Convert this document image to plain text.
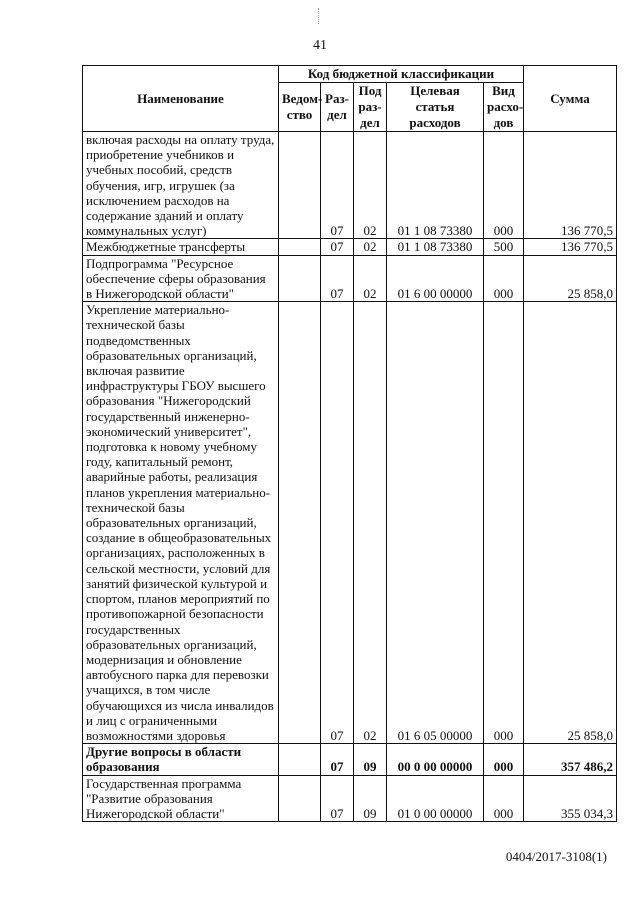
41
Наименование	Код бюджетной классификации					Сумма
	Ведом-ство	Раз-дел	Под раз-дел	Целевая статья расходов	Вид расхо-дов	
включая расходы на оплату труда, приобретение учебников и учебных пособий, средств обучения, игр, игрушек (за исключением расходов на содержание зданий и оплату коммунальных услуг)		07	02	01 1 08 73380	000	136 770,5
Межбюджетные трансферты		07	02	01 1 08 73380	500	136 770,5
Подпрограмма "Ресурсное обеспечение сферы образования в Нижегородской области"		07	02	01 6 00 00000	000	25 858,0
Укрепление материально-технической базы подведомственных образовательных организаций, включая развитие инфраструктуры ГБОУ высшего образования "Нижегородский государственный инженерно-экономический университет", подготовка к новому учебному году, капитальный ремонт, аварийные работы, реализация планов укрепления материально-технической базы образовательных организаций, создание в общеобразовательных организациях, расположенных в сельской местности, условий для занятий физической культурой и спортом, планов мероприятий по противопожарной безопасности государственных образовательных организаций, модернизация и обновление автобусного парка для перевозки учащихся, в том числе обучающихся из числа инвалидов и лиц с ограниченными возможностями здоровья		07	02	01 6 05 00000	000	25 858,0
Другие вопросы в области образования		07	09	00 0 00 00000	000	357 486,2
Государственная программа "Развитие образования Нижегородской области"		07	09	01 0 00 00000	000	355 034,3
0404/2017-3108(1)
